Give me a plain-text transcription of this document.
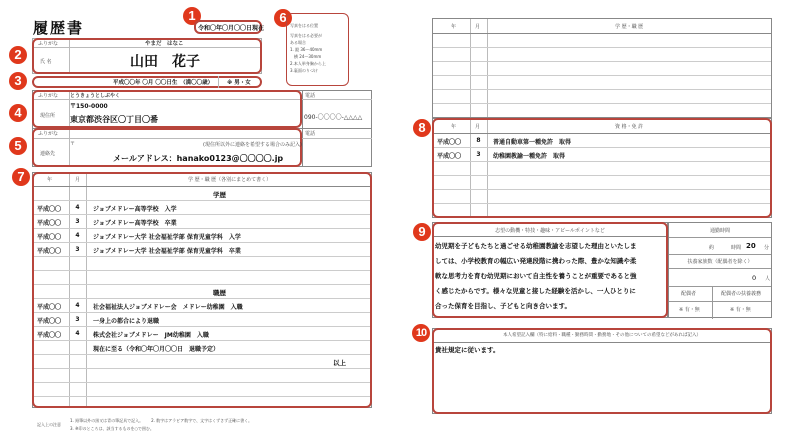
履歴書
1
令和〇年〇月〇〇日現在
6
写真をはる位置
写真をはる必要が
ある場合
1. 縦 36〜40mm
　横 24〜30mm
2.本人単身胸から上
3.裏面のりづけ
2
ふりがな	やまだ　はなこ
氏 名	山田　花子
3	平成〇〇年 〇月 〇〇日生　（満〇〇歳）	※ 男・女
4
ふりがな とうきょうとしぶやく
現住所
〒150-0000
東京都渋谷区〇丁目〇番
電話
090-〇〇〇〇-△△△△
5
ふりがな
連絡先
〒	(現住所以外に連絡を希望する場合のみ記入)
メールアドレス：hanako0123@〇〇〇〇.jp
電話
7	年	月	学 歴・職 歴（各別にまとめて書く）
学歴
平成〇〇	4	ジョブメドレー高等学校　入学
平成〇〇	3	ジョブメドレー高等学校　卒業
平成〇〇	4	ジョブメドレー大学 社会福祉学部 保育児童学科　入学
平成〇〇	3	ジョブメドレー大学 社会福祉学部 保育児童学科　卒業
職歴
平成〇〇	4	社会福祉法人ジョブメドレー会　メドレー幼稚園　入職
平成〇〇	3	一身上の都合により退職
平成〇〇	4	株式会社ジョブメドレー　JM幼稚園　入職
現在に至る（令和〇年〇月〇〇日　退職予定）
以上
記入上の注意
1. 鉛筆以外の黒又は青の筆記具で記入。　　2. 数字はアラビア数字で、文字はくずさず正確に書く。
3. ※印のところは、該当するものを○で囲む。
年	月	学 歴・職 歴
8	年	月	資 格・免 許
平成〇〇	8	普通自動車第一種免許　取得
平成〇〇	3	幼稚園教諭一種免許　取得
9	志望の動機・特技・趣味・アピールポイントなど
幼児期を子どもたちと過ごせる幼稚園教諭を志望した理由といたしま
しては、小学校教育の幅広い発達段階に携わった際、豊かな知識や柔
軟な思考力を育む幼児期において自主性を養うことが重要であると強
く感じたからです。様々な児童と接した経験を活かし、一人ひとりに
合った保育を目指し、子どもと向き合います。
通勤時間
約	時間 20 分
扶養家族数（配偶者を除く）
0 人
配偶者	配偶者の扶養義務
※ 有・無	※ 有・無
10	本人希望記入欄（特に給料・職種・勤務時間・勤務地・その他についての希望などがあれば記入）
貴社規定に従います。
